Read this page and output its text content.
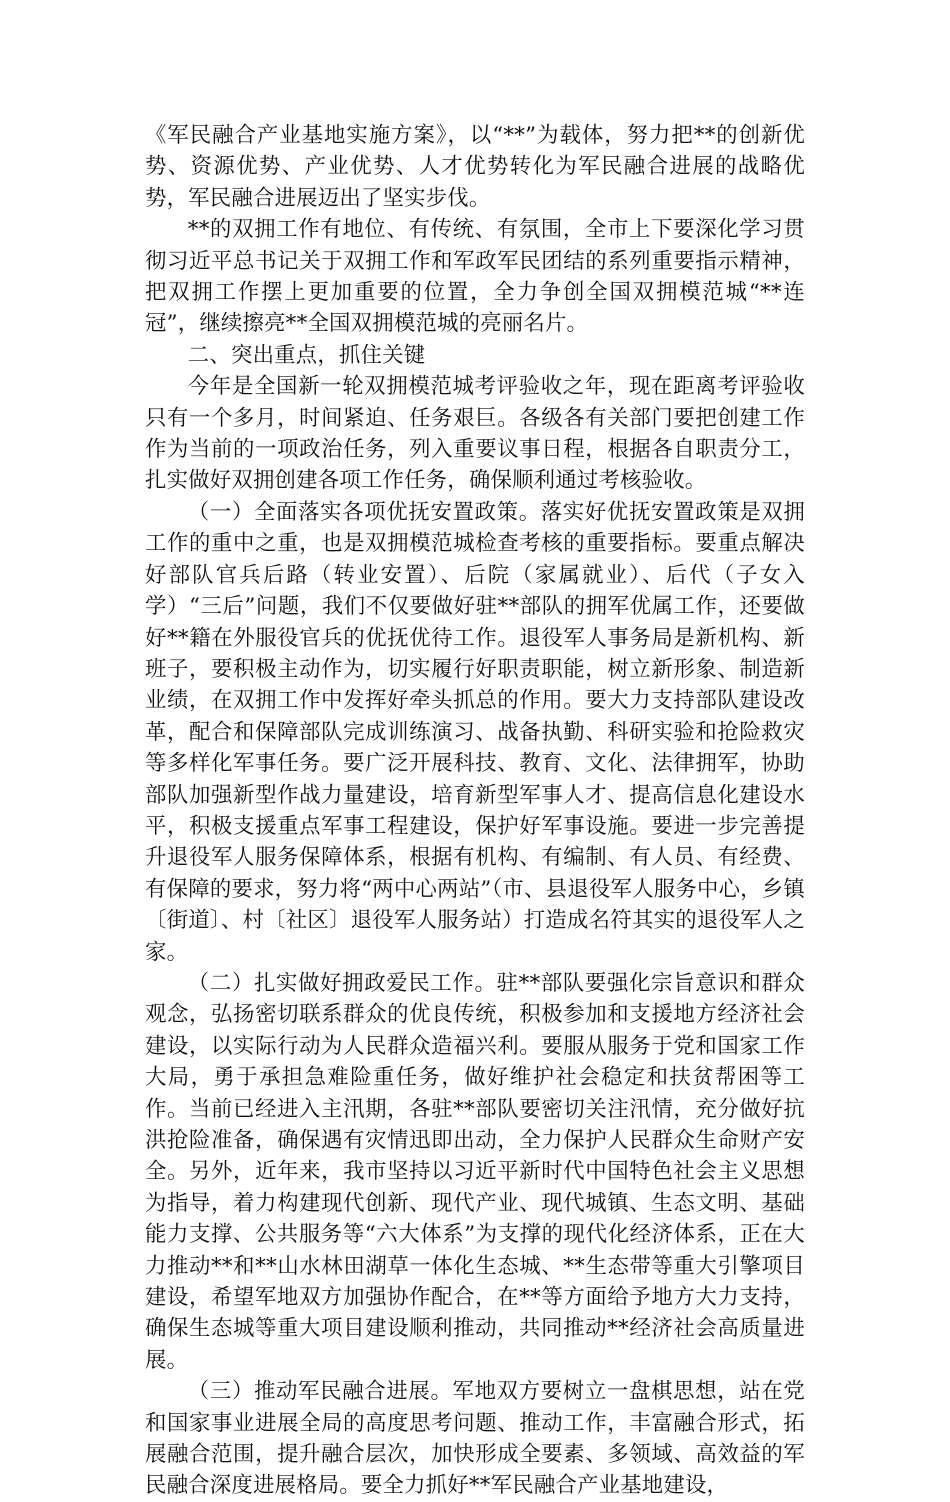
《军民融合产业基地实施方案》，以“**”为载体，努力把**的创新优势、资源优势、产业优势、人才优势转化为军民融合进展的战略优势，军民融合进展迈出了坚实步伐。

**的双拥工作有地位、有传统、有氛围，全市上下要深化学习贯彻习近平总书记关于双拥工作和军政军民团结的系列重要指示精神，把双拥工作摆上更加重要的位置，全力争创全国双拥模范城“**连冠”，继续擦亮**全国双拥模范城的亮丽名片。

二、突出重点，抓住关键

今年是全国新一轮双拥模范城考评验收之年，现在距离考评验收只有一个多月，时间紧迫、任务艰巨。各级各有关部门要把创建工作作为当前的一项政治任务，列入重要议事日程，根据各自职责分工，扎实做好双拥创建各项工作任务，确保顺利通过考核验收。

（一）全面落实各项优抚安置政策。落实好优抚安置政策是双拥工作的重中之重，也是双拥模范城检查考核的重要指标。要重点解决好部队官兵后路（转业安置）、后院（家属就业）、后代（子女入学）“三后”问题，我们不仅要做好驻**部队的拥军优属工作，还要做好**籍在外服役官兵的优抚优待工作。退役军人事务局是新机构、新班子，要积极主动作为，切实履行好职责职能，树立新形象、制造新业绩，在双拥工作中发挥好牵头抓总的作用。要大力支持部队建设改革，配合和保障部队完成训练演习、战备执勤、科研实验和抢险救灾等多样化军事任务。要广泛开展科技、教育、文化、法律拥军，协助部队加强新型作战力量建设，培育新型军事人才、提高信息化建设水平，积极支援重点军事工程建设，保护好军事设施。要进一步完善提升退役军人服务保障体系，根据有机构、有编制、有人员、有经费、有保障的要求，努力将“两中心两站”（市、县退役军人服务中心，乡镇〔街道〕、村〔社区〕退役军人服务站）打造成名符其实的退役军人之家。

（二）扎实做好拥政爱民工作。驻**部队要强化宗旨意识和群众观念，弘扬密切联系群众的优良传统，积极参加和支援地方经济社会建设，以实际行动为人民群众造福兴利。要服从服务于党和国家工作大局，勇于承担急难险重任务，做好维护社会稳定和扶贫帮困等工作。当前已经进入主汛期，各驻**部队要密切关注汛情，充分做好抗洪抢险准备，确保遇有灾情迅即出动，全力保护人民群众生命财产安全。另外，近年来，我市坚持以习近平新时代中国特色社会主义思想为指导，着力构建现代创新、现代产业、现代城镇、生态文明、基础能力支撑、公共服务等“六大体系”为支撑的现代化经济体系，正在大力推动**和**山水林田湖草一体化生态城、**生态带等重大引擎项目建设，希望军地双方加强协作配合，在**等方面给予地方大力支持，确保生态城等重大项目建设顺利推动，共同推动**经济社会高质量进展。

（三）推动军民融合进展。军地双方要树立一盘棋思想，站在党和国家事业进展全局的高度思考问题、推动工作，丰富融合形式，拓展融合范围，提升融合层次，加快形成全要素、多领域、高效益的军民融合深度进展格局。要全力抓好**军民融合产业基地建设，
